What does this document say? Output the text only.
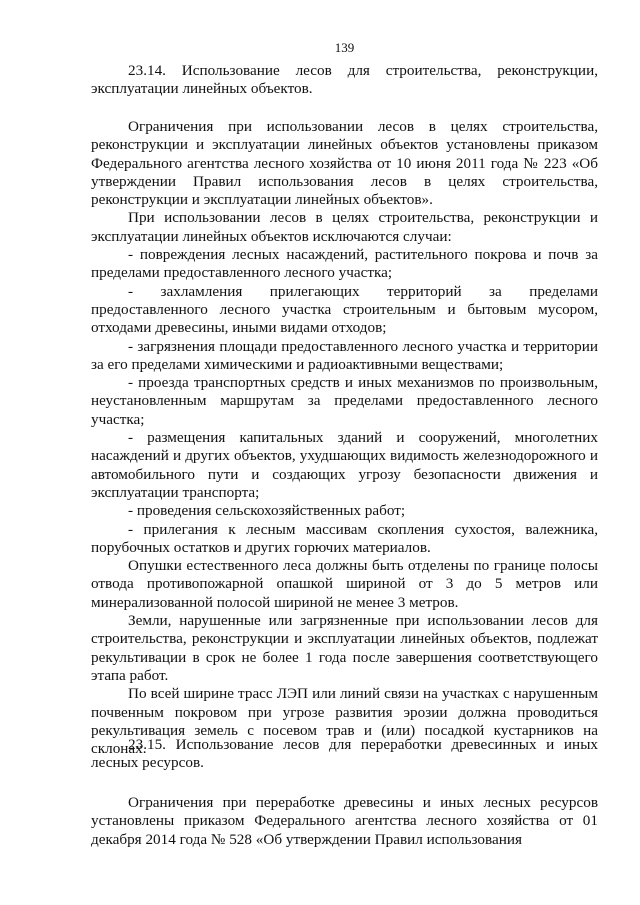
139

23.14. Использование лесов для строительства, реконструкции, эксплуатации линейных объектов.

Ограничения при использовании лесов в целях строительства, реконструкции и эксплуатации линейных объектов установлены приказом Федерального агентства лесного хозяйства от 10 июня 2011 года № 223 «Об утверждении Правил использования лесов в целях строительства, реконструкции и эксплуатации линейных объектов».

При использовании лесов в целях строительства, реконструкции и эксплуатации линейных объектов исключаются случаи:

- повреждения лесных насаждений, растительного покрова и почв за пределами предоставленного лесного участка;

- захламления прилегающих территорий за пределами предоставленного лесного участка строительным и бытовым мусором, отходами древесины, иными видами отходов;

- загрязнения площади предоставленного лесного участка и территории за его пределами химическими и радиоактивными веществами;

- проезда транспортных средств и иных механизмов по произвольным, неустановленным маршрутам за пределами предоставленного лесного участка;

- размещения капитальных зданий и сооружений, многолетних насаждений и других объектов, ухудшающих видимость железнодорожного и автомобильного пути и создающих угрозу безопасности движения и эксплуатации транспорта;

- проведения сельскохозяйственных работ;

- прилегания к лесным массивам скопления сухостоя, валежника, порубочных остатков и других горючих материалов.

Опушки естественного леса должны быть отделены по границе полосы отвода противопожарной опашкой шириной от 3 до 5 метров или минерализованной полосой шириной не менее 3 метров.

Земли, нарушенные или загрязненные при использовании лесов для строительства, реконструкции и эксплуатации линейных объектов, подлежат рекультивации в срок не более 1 года после завершения соответствующего этапа работ.

По всей ширине трасс ЛЭП или линий связи на участках с нарушенным почвенным покровом при угрозе развития эрозии должна проводиться рекультивация земель с посевом трав и (или) посадкой кустарников на склонах.

23.15. Использование лесов для переработки древесинных и иных лесных ресурсов.

Ограничения при переработке древесины и иных лесных ресурсов установлены приказом Федерального агентства лесного хозяйства от 01 декабря 2014 года № 528 «Об утверждении Правил использования
